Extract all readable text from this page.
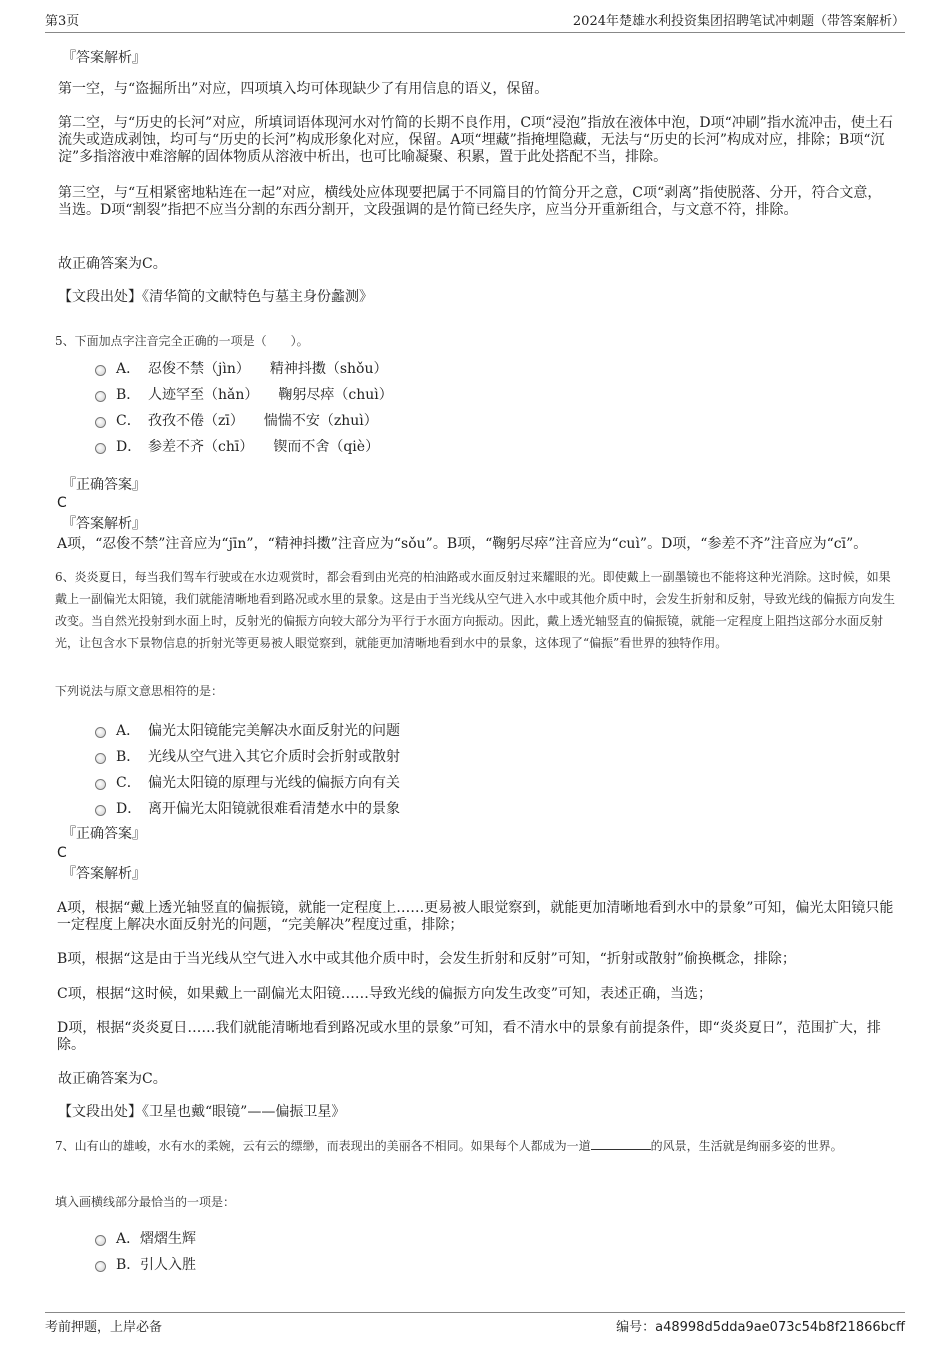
第3页	2024年楚雄水利投资集团招聘笔试冲刺题（带答案解析）
『答案解析』
第一空，与“盗掘所出”对应，四项填入均可体现缺少了有用信息的语义，保留。
第二空，与“历史的长河”对应，所填词语体现河水对竹简的长期不良作用，C项“浸泡”指放在液体中泡，D项“冲刷”指水流冲击，使土石流失或造成剥蚀，均可与“历史的长河”构成形象化对应，保留。A项“埋藏”指掩埋隐藏，无法与“历史的长河”构成对应，排除；B项“沉淀”多指溶液中难溶解的固体物质从溶液中析出，也可比喻凝聚、积累，置于此处搭配不当，排除。
第三空，与“互相紧密地粘连在一起”对应，横线处应体现要把属于不同篇目的竹简分开之意，C项“剥离”指使脱落、分开，符合文意，当选。D项“割裂”指把不应当分割的东西分割开，文段强调的是竹简已经失序，应当分开重新组合，与文意不符，排除。
故正确答案为C。
【文段出处】《清华简的文献特色与墓主身份蠡测》
5、下面加点字注音完全正确的一项是（　　）。
A． 忍俊不禁（jìn） 精神抖擞（shǒu）
B． 人迹罕至（hǎn） 鞠躬尽瘁（chuì）
C． 孜孜不倦（zī） 惴惴不安（zhuì）
D． 参差不齐（chī） 锲而不舍（qiè）
『正确答案』
C
『答案解析』
A项，“忍俊不禁”注音应为“jīn”，“精神抖擞”注音应为“sǒu”。B项，“鞠躬尽瘁”注音应为“cuì”。D项，“参差不齐”注音应为“cī”。
6、炎炎夏日，每当我们驾车行驶或在水边观赏时，都会看到由光亮的柏油路或水面反射过来耀眼的光。即使戴上一副墨镜也不能将这种光消除。这时候，如果戴上一副偏光太阳镜，我们就能清晰地看到路况或水里的景象。这是由于当光线从空气进入水中或其他介质中时，会发生折射和反射，导致光线的偏振方向发生改变。当自然光投射到水面上时，反射光的偏振方向较大部分为平行于水面方向振动。因此，戴上透光轴竖直的偏振镜，就能一定程度上阻挡这部分水面反射光，让包含水下景物信息的折射光等更易被人眼觉察到，就能更加清晰地看到水中的景象，这体现了“偏振”看世界的独特作用。
下列说法与原文意思相符的是：
A． 偏光太阳镜能完美解决水面反射光的问题
B． 光线从空气进入其它介质时会折射或散射
C． 偏光太阳镜的原理与光线的偏振方向有关
D． 离开偏光太阳镜就很难看清楚水中的景象
『正确答案』
C
『答案解析』
A项，根据“戴上透光轴竖直的偏振镜，就能一定程度上……更易被人眼觉察到，就能更加清晰地看到水中的景象”可知，偏光太阳镜只能一定程度上解决水面反射光的问题，“完美解决”程度过重，排除；
B项，根据“这是由于当光线从空气进入水中或其他介质中时，会发生折射和反射”可知，“折射或散射”偷换概念，排除；
C项，根据“这时候，如果戴上一副偏光太阳镜……导致光线的偏振方向发生改变”可知，表述正确，当选；
D项，根据“炎炎夏日……我们就能清晰地看到路况或水里的景象”可知，看不清水中的景象有前提条件，即“炎炎夏日”，范围扩大，排除。
故正确答案为C。
【文段出处】《卫星也戴“眼镜”——偏振卫星》
7、山有山的雄峻，水有水的柔婉，云有云的缥缈，而表现出的美丽各不相同。如果每个人都成为一道	的风景，生活就是绚丽多姿的世界。
填入画横线部分最恰当的一项是：
A． 熠熠生辉
B． 引人入胜
考前押题，上岸必备	编号：a48998d5dda9ae073c54b8f21866bcff
